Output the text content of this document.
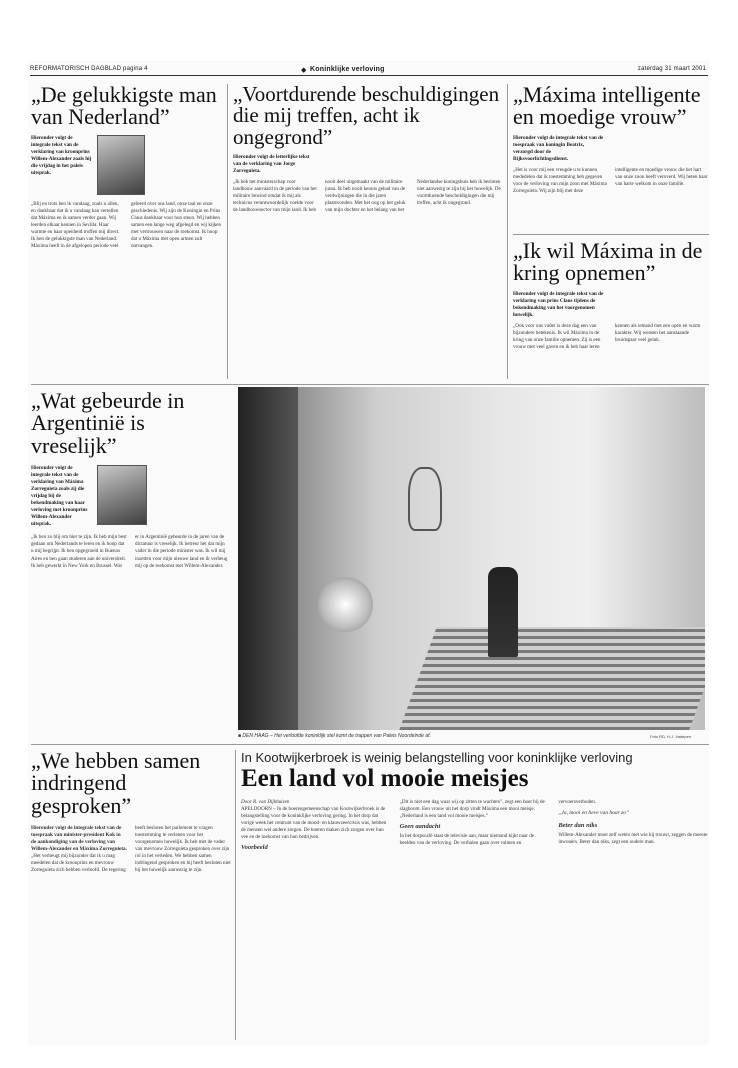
REFORMATORISCH DAGBLAD pagina 4	◆ Koninklijke verloving	zaterdag 31 maart 2001
„De gelukkigste man van Nederland”
Hieronder volgt de integrale tekst van de verklaring van kroonprins Willem-Alexander zoals hij die vrijdag in het paleis uitsprak.
„Blij en trots ben ik vandaag, zoals u allen, en dankbaar dat ik u vandaag kan vertellen dat Máxima en ik samen verder gaan. Wij leerden elkaar kennen in Sevilla. Haar warmte en haar openheid troffen mij direct. Ik ben de gelukkigste man van Nederland. Máxima heeft in de afgelopen periode veel geleerd over ons land, onze taal en onze geschiedenis. Wij zijn de Koningin en Prins Claus dankbaar voor hun steun. Wij hebben samen een lange weg afgelegd en wij kijken met vertrouwen naar de toekomst. Ik hoop dat u Máxima met open armen zult ontvangen.
„Voortdurende beschuldigingen die mij treffen, acht ik ongegrond”
Hieronder volgt de letterlijke tekst van de verklaring van Jorge Zorreguieta.
„Ik heb het ministerschap voor landbouw aanvaard in de periode van het militaire bewind omdat ik mij als technicus verantwoordelijk voelde voor de landbouwsector van mijn land. Ik heb nooit deel uitgemaakt van de militaire junta. Ik heb nooit kennis gehad van de verdwijningen die in die jaren plaatsvonden. Met het oog op het geluk van mijn dochter en het belang van het Nederlandse koningshuis heb ik besloten niet aanwezig te zijn bij het huwelijk. De voortdurende beschuldigingen die mij treffen, acht ik ongegrond.
„Máxima intelligente en moedige vrouw”
Hieronder volgt de integrale tekst van de toespraak van koningin Beatrix, verzorgd door de Rijksvoorlichtingsdienst.
„Het is voor mij een vreugde u te kunnen mededelen dat ik toestemming heb gegeven voor de verloving van mijn zoon met Máxima Zorreguieta. Wij zijn blij met deze intelligente en moedige vrouw die het hart van onze zoon heeft veroverd. Wij heten haar van harte welkom in onze familie.
„Ik wil Máxima in de kring opnemen”
Hieronder volgt de integrale tekst van de verklaring van prins Claus tijdens de bekendmaking van het voorgenomen huwelijk.
„Ook voor ons vader is deze dag een van bijzondere betekenis. Ik wil Máxima in de kring van onze familie opnemen. Zij is een vrouw met veel gaven en ik heb haar leren kennen als iemand met een open en warm karakter. Wij wensen het aanstaande bruidspaar veel geluk.
„Wat gebeurde in Argentinië is vreselijk”
Hieronder volgt de integrale tekst van de verklaring van Máxima Zorreguieta zoals zij die vrijdag bij de bekendmaking van haar verloving met kroonprins Willem-Alexander uitsprak.
„Ik ben zo blij om hier te zijn. Ik heb mijn best gedaan om Nederlands te leren en ik hoop dat u mij begrijpt. Ik ben opgegroeid in Buenos Aires en ben gaan studeren aan de universiteit. Ik heb gewerkt in New York en Brussel. Wat er in Argentinië gebeurde in de jaren van de dictatuur is vreselijk. Ik betreur het dat mijn vader in die periode minister was. Ik wil mij inzetten voor mijn nieuwe land en ik verheug mij op de toekomst met Willem-Alexander.
■ DEN HAAG – Het verloofde koninklijk stel komt de trappen van Paleis Noordeinde af.	Foto RD, H.J. Vadepen
„We hebben samen indringend gesproken”
Hieronder volgt de integrale tekst van de toespraak van minister-president Kok in de aankondiging van de verloving van Willem-Alexander en Máxima Zorreguieta.
„Het verheugt mij bijzonder dat ik u mag meedelen dat de kroonprins en mevrouw Zorreguieta zich hebben verloofd. De regering heeft besloten het parlement te vragen toestemming te verlenen voor het voorgenomen huwelijk. Ik heb met de vader van mevrouw Zorreguieta gesproken over zijn rol in het verleden. We hebben samen indringend gesproken en hij heeft besloten niet bij het huwelijk aanwezig te zijn.
In Kootwijkerbroek is weinig belangstelling voor koninklijke verloving
Een land vol mooie meisjes
Door R. van Dijkhuizen
APELDOORN – In de boerengemeenschap van Kootwijkerbroek is de belangstelling voor de koninklijke verloving gering. In het dorp dat vorige week het centrum van de mond- en klauwzeercrisis was, hebben de mensen wel andere zorgen. De boeren maken zich zorgen over hun vee en de toekomst van hun bedrijven.
Voorbeeld
„Dit is niet een dag waar wij op zitten te wachten”, zegt een boer bij de slagboom. Een vrouw uit het dorp vindt Máxima een mooi meisje. „Nederland is een land vol mooie meisjes.”
Geen aandacht
In het dorpscafé staat de televisie aan, maar niemand kijkt naar de beelden van de verloving. De verhalen gaan over ruimen en vervoersverboden.
„Ja, mooi en lieve van haar zo”
Beter dan niks
Willem-Alexander moet zelf weten met wie hij trouwt, zeggen de meeste inwoners. Beter dan niks, zegt een oudere man.
